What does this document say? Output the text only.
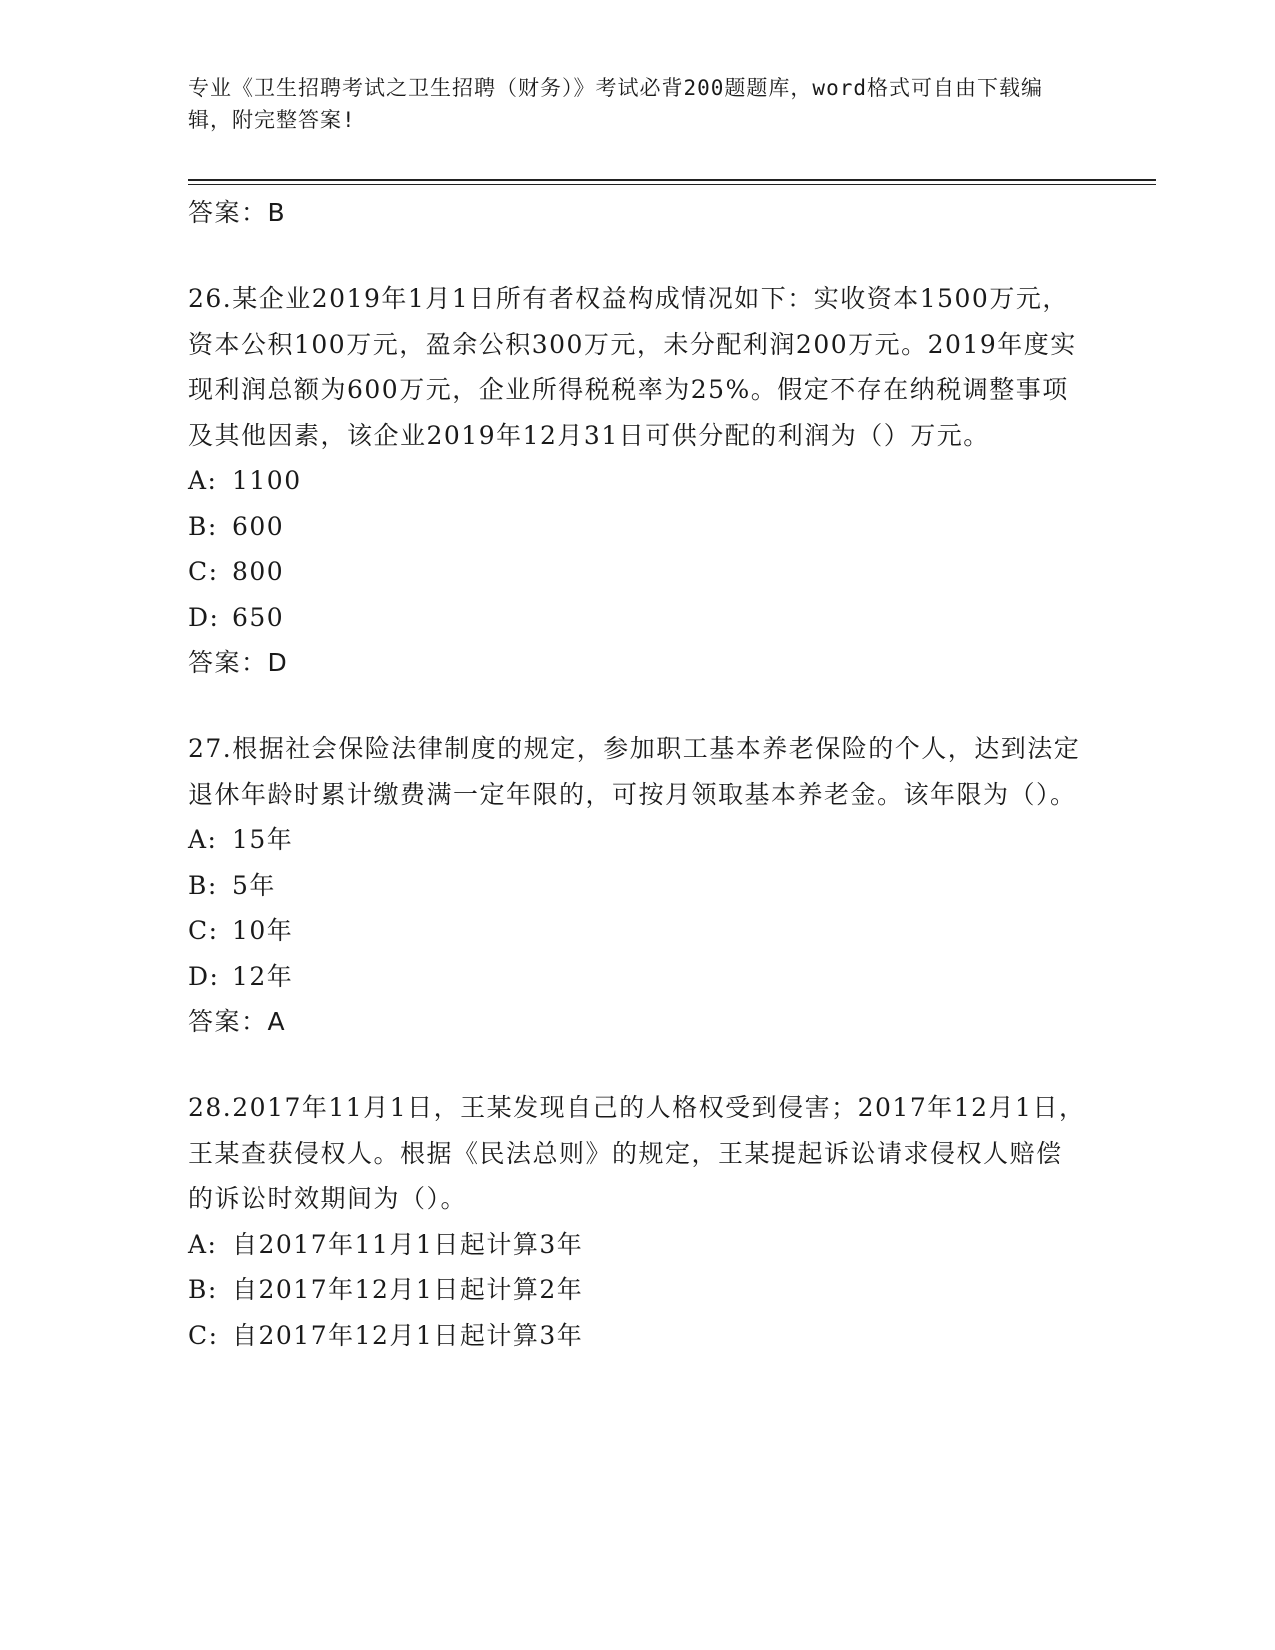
专业《卫生招聘考试之卫生招聘（财务）》考试必背200题题库，word格式可自由下载编辑，附完整答案!
答案：B
26.某企业2019年1月1日所有者权益构成情况如下：实收资本1500万元，资本公积100万元，盈余公积300万元，未分配利润200万元。2019年度实现利润总额为600万元，企业所得税税率为25%。假定不存在纳税调整事项及其他因素，该企业2019年12月31日可供分配的利润为（）万元。
A: 1100
B: 600
C: 800
D: 650
答案：D
27.根据社会保险法律制度的规定，参加职工基本养老保险的个人，达到法定退休年龄时累计缴费满一定年限的，可按月领取基本养老金。该年限为（）。
A: 15年
B: 5年
C: 10年
D: 12年
答案：A
28.2017年11月1日，王某发现自己的人格权受到侵害；2017年12月1日，王某查获侵权人。根据《民法总则》的规定，王某提起诉讼请求侵权人赔偿的诉讼时效期间为（）。
A: 自2017年11月1日起计算3年
B: 自2017年12月1日起计算2年
C: 自2017年12月1日起计算3年
